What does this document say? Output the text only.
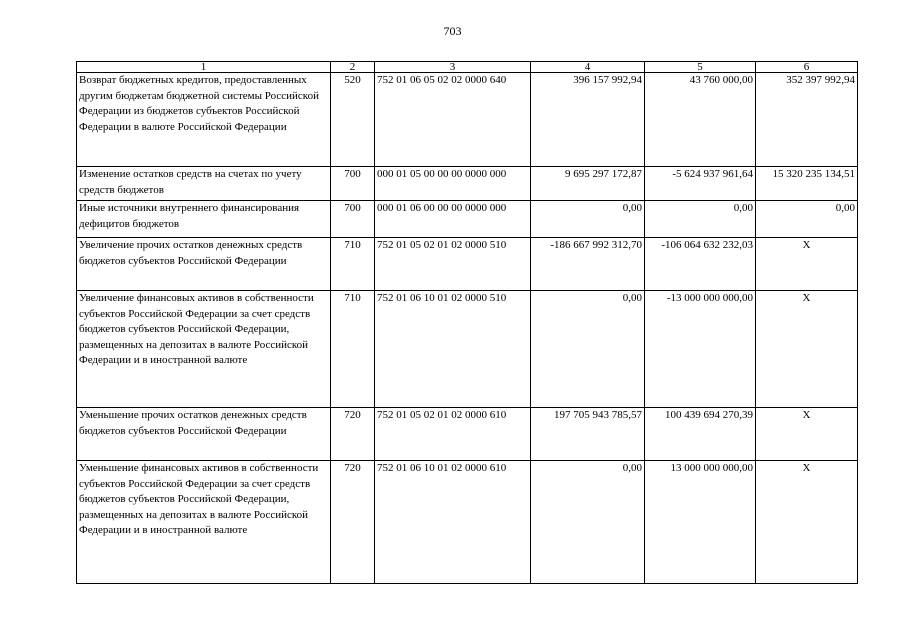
703
1	2	3	4	5	6
Возврат бюджетных кредитов, предоставленных другим бюджетам бюджетной системы Российской Федерации из бюджетов субъектов Российской Федерации в валюте Российской Федерации	520	752 01 06 05 02 02 0000 640	396 157 992,94	43 760 000,00	352 397 992,94
Изменение остатков средств на счетах по учету средств бюджетов	700	000 01 05 00 00 00 0000 000	9 695 297 172,87	-5 624 937 961,64	15 320 235 134,51
Иные источники внутреннего финансирования дефицитов бюджетов	700	000 01 06 00 00 00 0000 000	0,00	0,00	0,00
Увеличение прочих остатков денежных средств бюджетов субъектов Российской Федерации	710	752 01 05 02 01 02 0000 510	-186 667 992 312,70	-106 064 632 232,03	X
Увеличение финансовых активов в собственности субъектов Российской Федерации за счет средств бюджетов субъектов Российской Федерации, размещенных на депозитах в валюте Российской Федерации и в иностранной валюте	710	752 01 06 10 01 02 0000 510	0,00	-13 000 000 000,00	X
Уменьшение прочих остатков денежных средств бюджетов субъектов Российской Федерации	720	752 01 05 02 01 02 0000 610	197 705 943 785,57	100 439 694 270,39	X
Уменьшение финансовых активов в собственности субъектов Российской Федерации за счет средств бюджетов субъектов Российской Федерации, размещенных на депозитах в валюте Российской Федерации и в иностранной валюте	720	752 01 06 10 01 02 0000 610	0,00	13 000 000 000,00	X
